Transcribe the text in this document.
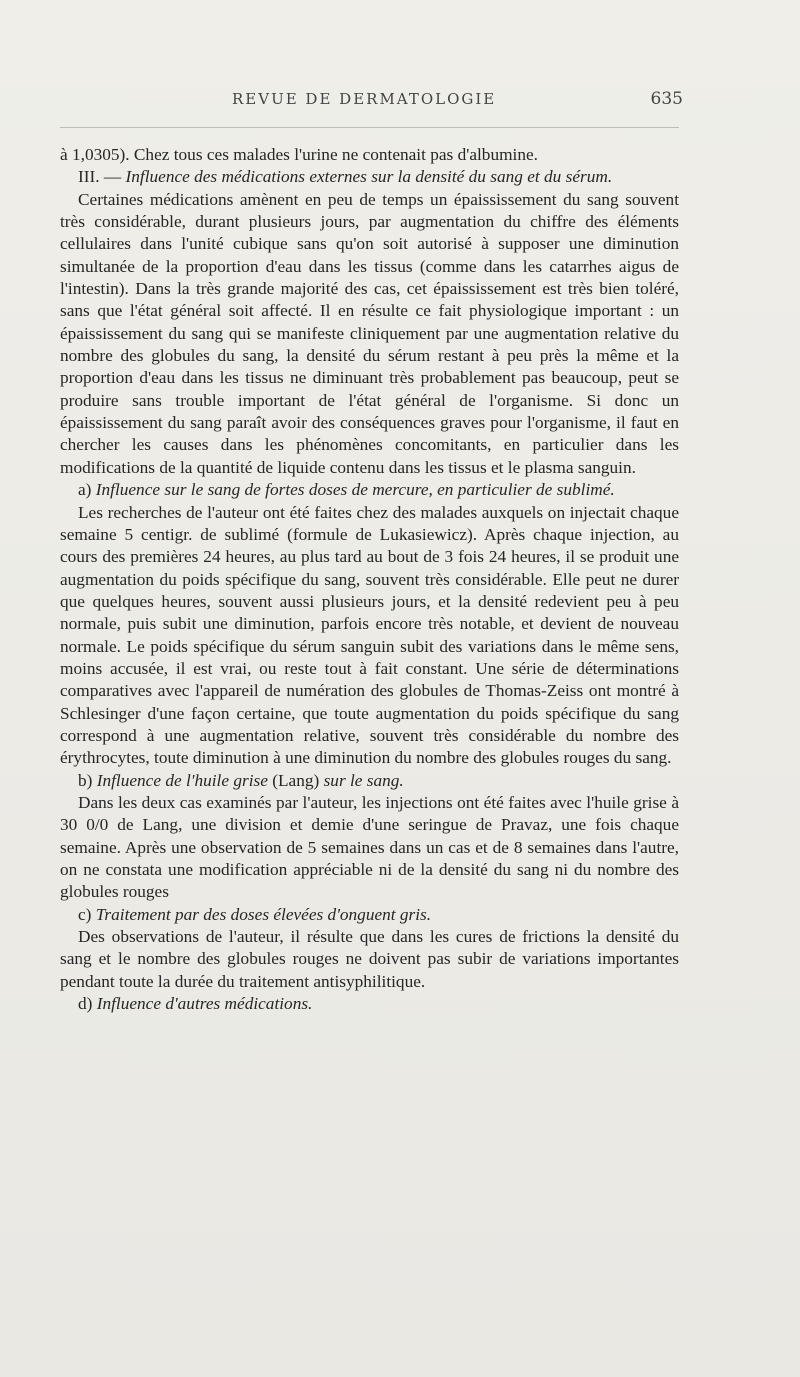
REVUE DE DERMATOLOGIE	635

à 1,0305). Chez tous ces malades l'urine ne contenait pas d'albumine.

III. — Influence des médications externes sur la densité du sang et du sérum.

Certaines médications amènent en peu de temps un épaississement du sang souvent très considérable, durant plusieurs jours, par augmentation du chiffre des éléments cellulaires dans l'unité cubique sans qu'on soit autorisé à supposer une diminution simultanée de la proportion d'eau dans les tissus (comme dans les catarrhes aigus de l'intestin). Dans la très grande majorité des cas, cet épaississement est très bien toléré, sans que l'état général soit affecté. Il en résulte ce fait physiologique important : un épaississement du sang qui se manifeste cliniquement par une augmentation relative du nombre des globules du sang, la densité du sérum restant à peu près la même et la proportion d'eau dans les tissus ne diminuant très probablement pas beaucoup, peut se produire sans trouble important de l'état général de l'organisme. Si donc un épaississement du sang paraît avoir des conséquences graves pour l'organisme, il faut en chercher les causes dans les phénomènes concomitants, en particulier dans les modifications de la quantité de liquide contenu dans les tissus et le plasma sanguin.

a) Influence sur le sang de fortes doses de mercure, en particulier de sublimé.

Les recherches de l'auteur ont été faites chez des malades auxquels on injectait chaque semaine 5 centigr. de sublimé (formule de Lukasiewicz). Après chaque injection, au cours des premières 24 heures, au plus tard au bout de 3 fois 24 heures, il se produit une augmentation du poids spécifique du sang, souvent très considérable. Elle peut ne durer que quelques heures, souvent aussi plusieurs jours, et la densité redevient peu à peu normale, puis subit une diminution, parfois encore très notable, et devient de nouveau normale. Le poids spécifique du sérum sanguin subit des variations dans le même sens, moins accusée, il est vrai, ou reste tout à fait constant. Une série de déterminations comparatives avec l'appareil de numération des globules de Thomas-Zeiss ont montré à Schlesinger d'une façon certaine, que toute augmentation du poids spécifique du sang correspond à une augmentation relative, souvent très considérable du nombre des érythrocytes, toute diminution à une diminution du nombre des globules rouges du sang.

b) Influence de l'huile grise (Lang) sur le sang.

Dans les deux cas examinés par l'auteur, les injections ont été faites avec l'huile grise à 30 0/0 de Lang, une division et demie d'une seringue de Pravaz, une fois chaque semaine. Après une observation de 5 semaines dans un cas et de 8 semaines dans l'autre, on ne constata une modification appréciable ni de la densité du sang ni du nombre des globules rouges

c) Traitement par des doses élevées d'onguent gris.

Des observations de l'auteur, il résulte que dans les cures de frictions la densité du sang et le nombre des globules rouges ne doivent pas subir de variations importantes pendant toute la durée du traitement antisyphilitique.

d) Influence d'autres médications.
